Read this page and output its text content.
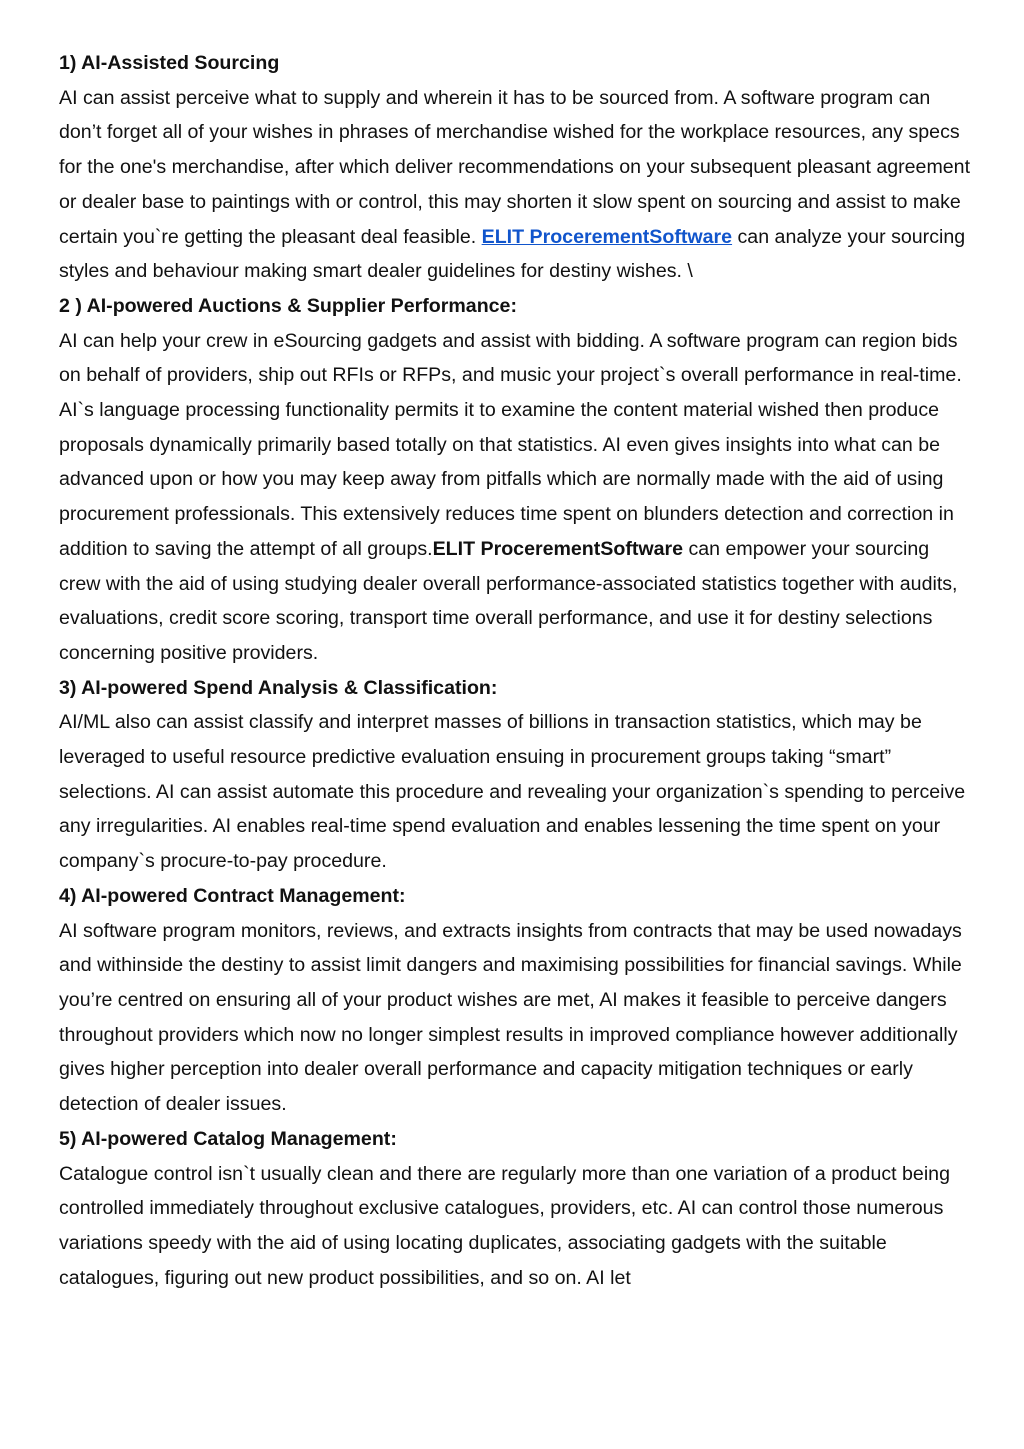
1) AI-Assisted Sourcing

AI can assist perceive what to supply and wherein it has to be sourced from. A software program can don’t forget all of your wishes in phrases of merchandise wished for the workplace resources, any specs for the one's merchandise, after which deliver recommendations on your subsequent pleasant agreement or dealer base to paintings with or control, this may shorten it slow spent on sourcing and assist to make certain you`re getting the pleasant deal feasible. ELIT ProcerementSoftware can analyze your sourcing styles and behaviour making smart dealer guidelines for destiny wishes. \

2 ) AI-powered Auctions & Supplier Performance:

AI can help your crew in eSourcing gadgets and assist with bidding. A software program can region bids on behalf of providers, ship out RFIs or RFPs, and music your project`s overall performance in real-time. AI`s language processing functionality permits it to examine the content material wished then produce proposals dynamically primarily based totally on that statistics. AI even gives insights into what can be advanced upon or how you may keep away from pitfalls which are normally made with the aid of using procurement professionals. This extensively reduces time spent on blunders detection and correction in addition to saving the attempt of all groups.ELIT ProcerementSoftware can empower your sourcing crew with the aid of using studying dealer overall performance-associated statistics together with audits, evaluations, credit score scoring, transport time overall performance, and use it for destiny selections concerning positive providers.

3) AI-powered Spend Analysis & Classification:

AI/ML also can assist classify and interpret masses of billions in transaction statistics, which may be leveraged to useful resource predictive evaluation ensuing in procurement groups taking “smart” selections. AI can assist automate this procedure and revealing your organization`s spending to perceive any irregularities. AI enables real-time spend evaluation and enables lessening the time spent on your company`s procure-to-pay procedure.

4) AI-powered Contract Management:

AI software program monitors, reviews, and extracts insights from contracts that may be used nowadays and withinside the destiny to assist limit dangers and maximising possibilities for financial savings. While you’re centred on ensuring all of your product wishes are met, AI makes it feasible to perceive dangers throughout providers which now no longer simplest results in improved compliance however additionally gives higher perception into dealer overall performance and capacity mitigation techniques or early detection of dealer issues.

5) AI-powered Catalog Management:

Catalogue control isn`t usually clean and there are regularly more than one variation of a product being controlled immediately throughout exclusive catalogues, providers, etc. AI can control those numerous variations speedy with the aid of using locating duplicates, associating gadgets with the suitable catalogues, figuring out new product possibilities, and so on. AI let
